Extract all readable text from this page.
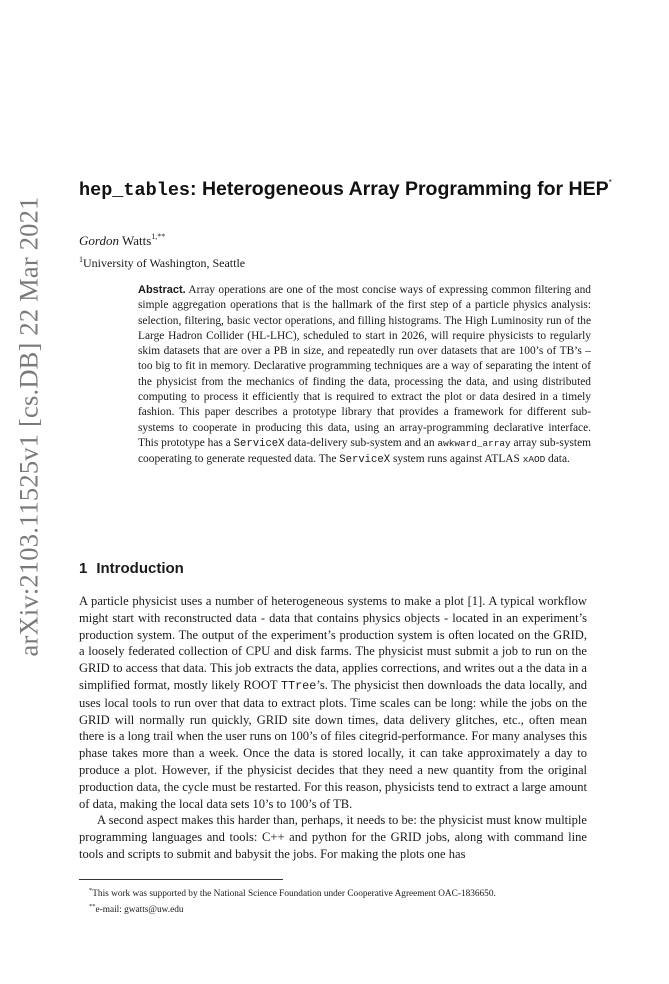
arXiv:2103.11525v1 [cs.DB] 22 Mar 2021
hep_tables: Heterogeneous Array Programming for HEP*
Gordon Watts$^{1,**}$
$^1$University of Washington, Seattle
Abstract. Array operations are one of the most concise ways of expressing common filtering and simple aggregation operations that is the hallmark of the first step of a particle physics analysis: selection, filtering, basic vector operations, and filling histograms. The High Luminosity run of the Large Hadron Collider (HL-LHC), scheduled to start in 2026, will require physicists to regularly skim datasets that are over a PB in size, and repeatedly run over datasets that are 100’s of TB’s – too big to fit in memory. Declarative programming techniques are a way of separating the intent of the physicist from the mechanics of finding the data, processing the data, and using distributed computing to process it efficiently that is required to extract the plot or data desired in a timely fashion. This paper describes a prototype library that provides a framework for different sub-systems to cooperate in producing this data, using an array-programming declarative interface. This prototype has a ServiceX data-delivery sub-system and an awkward_array array sub-system cooperating to generate requested data. The ServiceX system runs against ATLAS xAOD data.
1 Introduction

A particle physicist uses a number of heterogeneous systems to make a plot [1]. A typical workflow might start with reconstructed data - data that contains physics objects - located in an experiment’s production system. The output of the experiment’s production system is often located on the GRID, a loosely federated collection of CPU and disk farms. The physicist must submit a job to run on the GRID to access that data. This job extracts the data, applies corrections, and writes out a the data in a simplified format, mostly likely ROOT TTree’s. The physicist then downloads the data locally, and uses local tools to run over that data to extract plots. Time scales can be long: while the jobs on the GRID will normally run quickly, GRID site down times, data delivery glitches, etc., often mean there is a long trail when the user runs on 100’s of files citegrid-performance. For many analyses this phase takes more than a week. Once the data is stored locally, it can take approximately a day to produce a plot. However, if the physicist decides that they need a new quantity from the original production data, the cycle must be restarted. For this reason, physicists tend to extract a large amount of data, making the local data sets 10’s to 100’s of TB.

A second aspect makes this harder than, perhaps, it needs to be: the physicist must know multiple programming languages and tools: C++ and python for the GRID jobs, along with command line tools and scripts to submit and babysit the jobs. For making the plots one has

*This work was supported by the National Science Foundation under Cooperative Agreement OAC-1836650.
**e-mail: gwatts@uw.edu
